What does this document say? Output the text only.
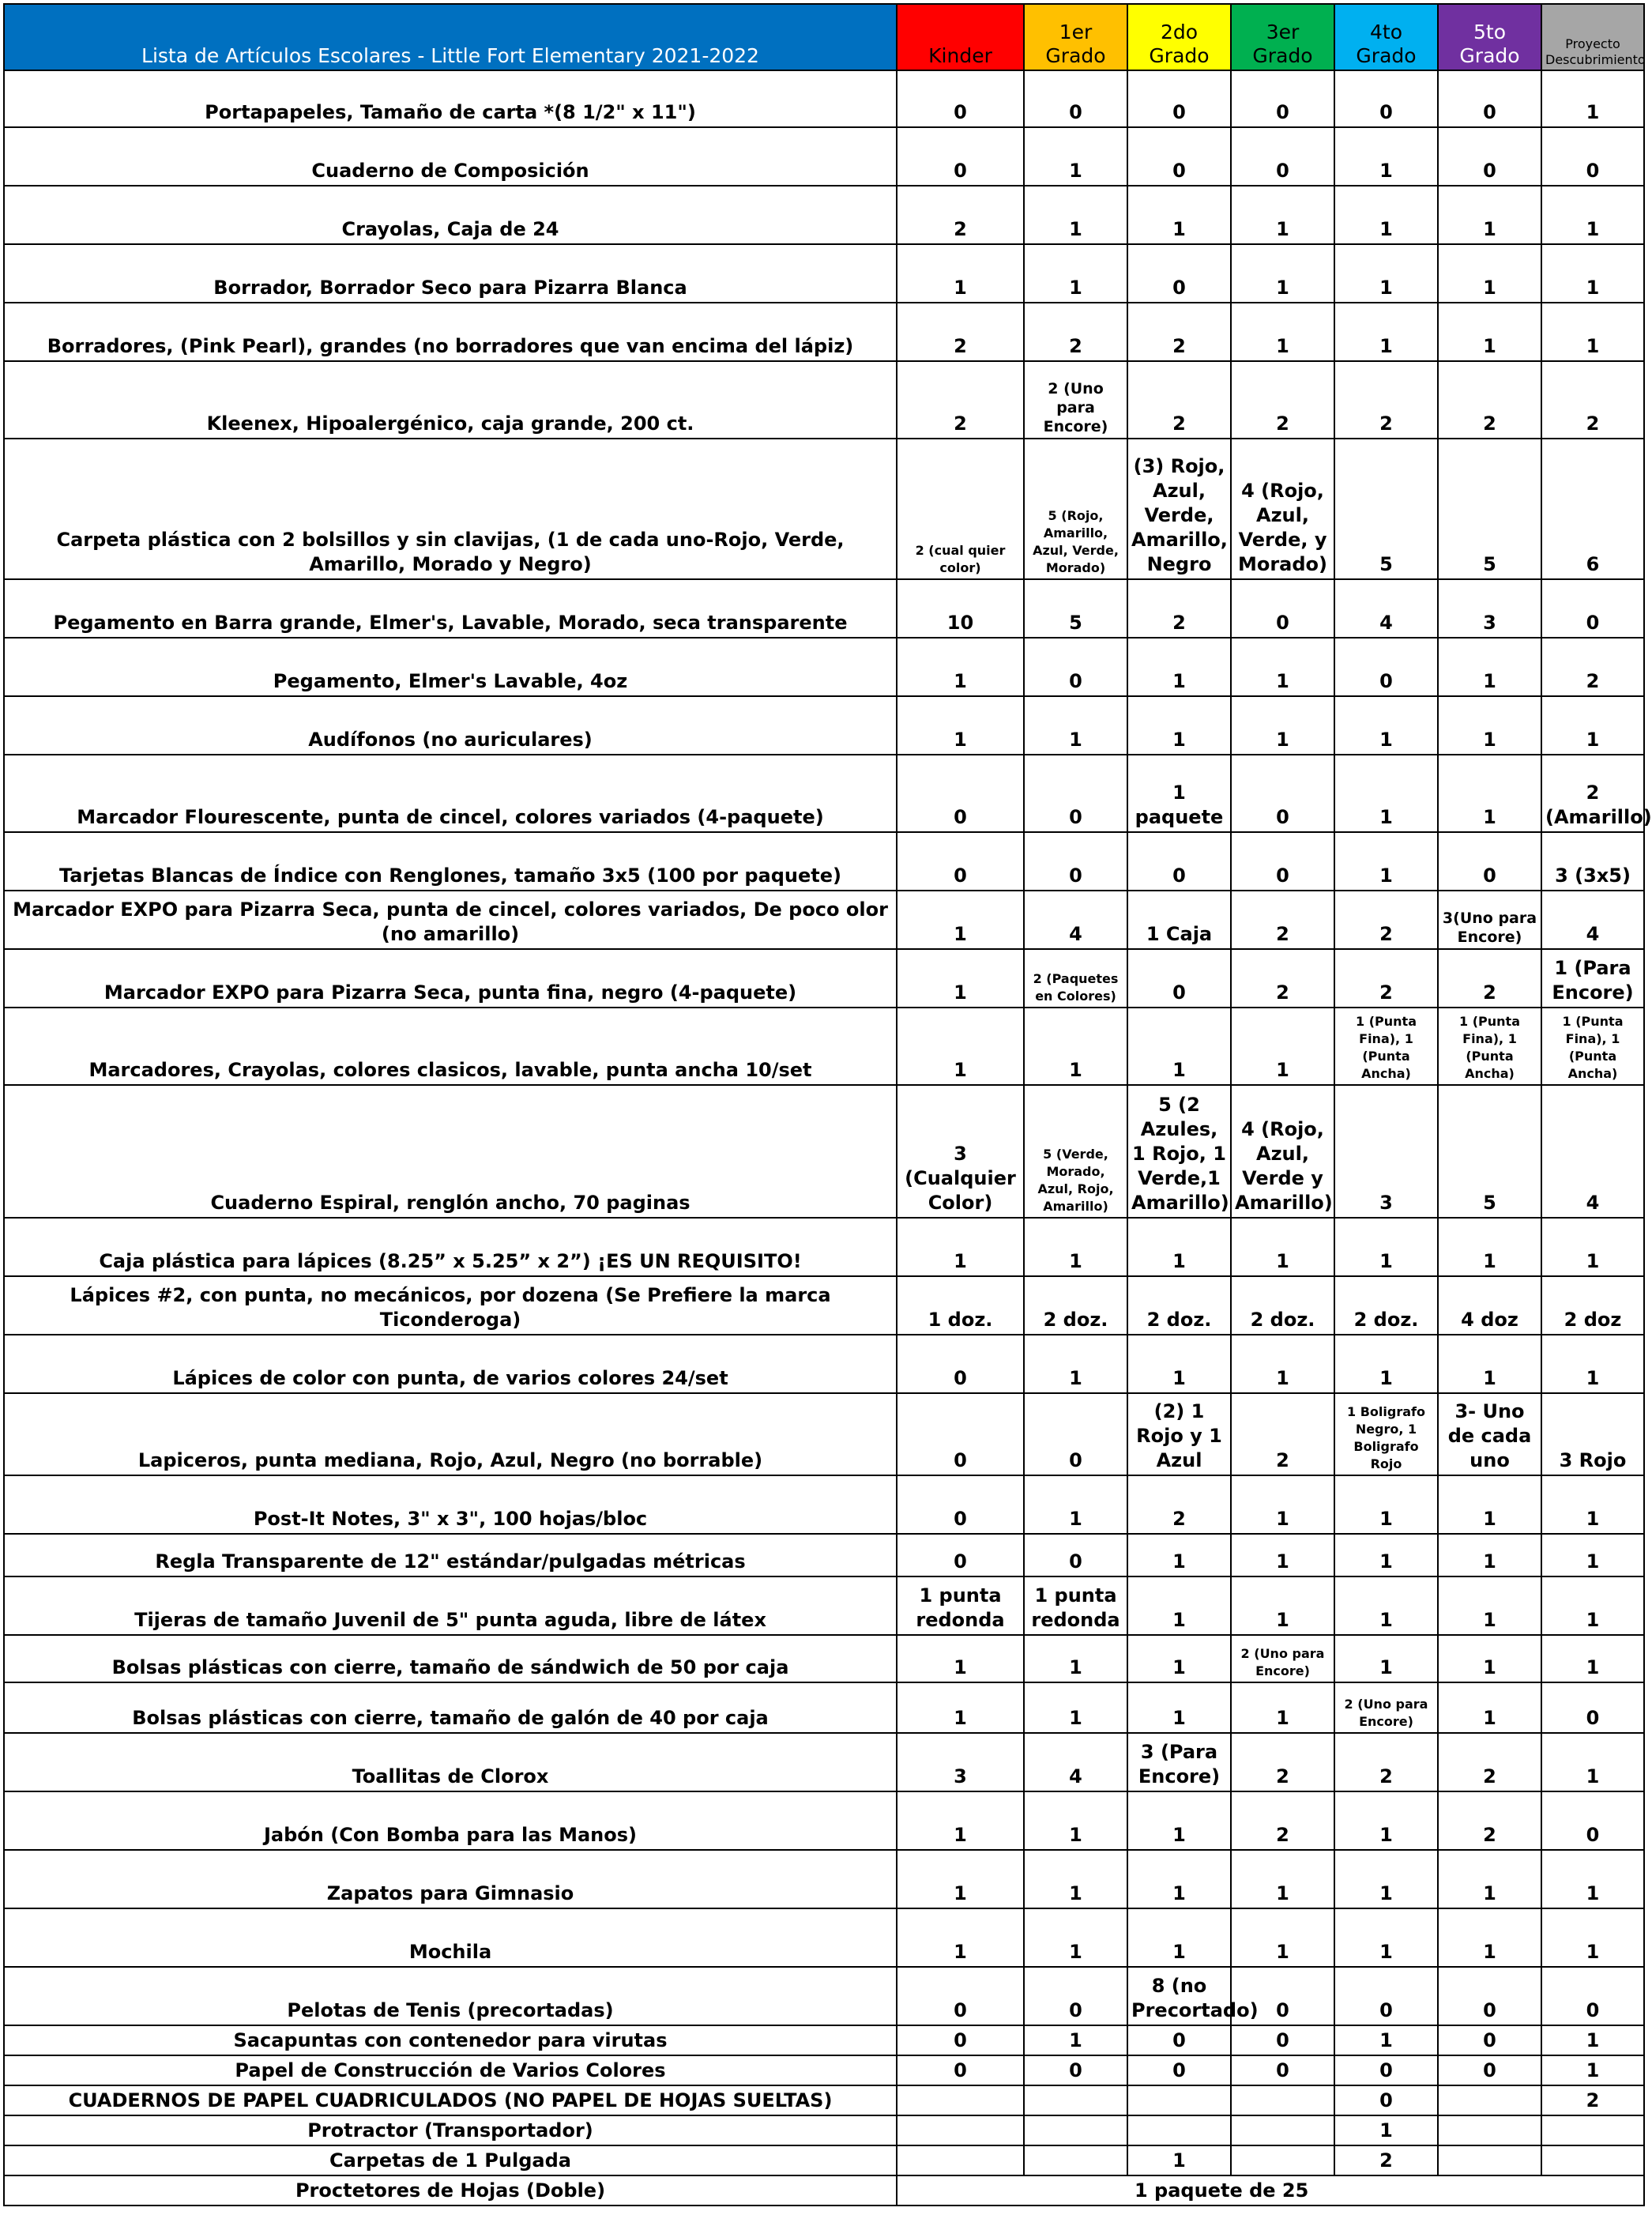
Lista de Artículos Escolares - Little Fort Elementary 2021-2022	Kinder	1er Grado	2do Grado	3er Grado	4to Grado	5to Grado	Proyecto Descubrimiento
Portapapeles, Tamaño de carta *(8 1/2" x 11")	0	0	0	0	0	0	1
Cuaderno de Composición	0	1	0	0	1	0	0
Crayolas, Caja de 24	2	1	1	1	1	1	1
Borrador, Borrador Seco para Pizarra Blanca	1	1	0	1	1	1	1
Borradores, (Pink Pearl), grandes (no borradores que van encima del lápiz)	2	2	2	1	1	1	1
Kleenex, Hipoalergénico, caja grande, 200 ct.	2	2 (Uno para Encore)	2	2	2	2	2
Carpeta plástica con 2 bolsillos y sin clavijas, (1 de cada uno-Rojo, Verde, Amarillo, Morado y Negro)	2 (cual quier color)	5 (Rojo, Amarillo, Azul, Verde, Morado)	(3) Rojo, Azul, Verde, Amarillo, Negro	4 (Rojo, Azul, Verde, y Morado)	5	5	6
Pegamento en Barra grande, Elmer's, Lavable, Morado, seca transparente	10	5	2	0	4	3	0
Pegamento, Elmer's Lavable, 4oz	1	0	1	1	0	1	2
Audífonos (no auriculares)	1	1	1	1	1	1	1
Marcador Flourescente, punta de cincel, colores variados (4-paquete)	0	0	1 paquete	0	1	1	2 (Amarillo)
Tarjetas Blancas de Índice con Renglones, tamaño 3x5 (100 por paquete)	0	0	0	0	1	0	3 (3x5)
Marcador EXPO para Pizarra Seca, punta de cincel, colores variados, De poco olor (no amarillo)	1	4	1 Caja	2	2	3(Uno para Encore)	4
Marcador EXPO para Pizarra Seca, punta fina, negro (4-paquete)	1	2 (Paquetes en Colores)	0	2	2	2	1 (Para Encore)
Marcadores, Crayolas, colores clasicos, lavable, punta ancha 10/set	1	1	1	1	1 (Punta Fina), 1 (Punta Ancha)	1 (Punta Fina), 1 (Punta Ancha)	1 (Punta Fina), 1 (Punta Ancha)
Cuaderno Espiral, renglón ancho, 70 paginas	3 (Cualquier Color)	5 (Verde, Morado, Azul, Rojo, Amarillo)	5 (2 Azules, 1 Rojo, 1 Verde,1 Amarillo)	4 (Rojo, Azul, Verde y Amarillo)	3	5	4
Caja plástica para lápices (8.25” x 5.25” x 2”) ¡ES UN REQUISITO!	1	1	1	1	1	1	1
Lápices #2, con punta, no mecánicos, por dozena (Se Prefiere la marca Ticonderoga)	1 doz.	2 doz.	2 doz.	2 doz.	2 doz.	4 doz	2 doz
Lápices de color con punta, de varios colores 24/set	0	1	1	1	1	1	1
Lapiceros, punta mediana, Rojo, Azul, Negro (no borrable)	0	0	(2) 1 Rojo y 1 Azul	2	1 Boligrafo Negro, 1 Boligrafo Rojo	3- Uno de cada uno	3 Rojo
Post-It Notes, 3" x 3", 100 hojas/bloc	0	1	2	1	1	1	1
Regla Transparente de 12" estándar/pulgadas métricas	0	0	1	1	1	1	1
Tijeras de tamaño Juvenil de 5" punta aguda, libre de látex	1 punta redonda	1 punta redonda	1	1	1	1	1
Bolsas plásticas con cierre, tamaño de sándwich de 50 por caja	1	1	1	2 (Uno para Encore)	1	1	1
Bolsas plásticas con cierre, tamaño de galón de 40 por caja	1	1	1	1	2 (Uno para Encore)	1	0
Toallitas de Clorox	3	4	3 (Para Encore)	2	2	2	1
Jabón (Con Bomba para las Manos)	1	1	1	2	1	2	0
Zapatos para Gimnasio	1	1	1	1	1	1	1
Mochila	1	1	1	1	1	1	1
Pelotas de Tenis (precortadas)	0	0	8 (no Precortado)	0	0	0	0
Sacapuntas con contenedor para virutas	0	1	0	0	1	0	1
Papel de Construcción de Varios Colores	0	0	0	0	0	0	1
CUADERNOS DE PAPEL CUADRICULADOS (NO PAPEL DE HOJAS SUELTAS)					0		2
Protractor (Transportador)					1		
Carpetas de 1 Pulgada			1		2		
Proctetores de Hojas (Doble)	1 paquete de 25						
